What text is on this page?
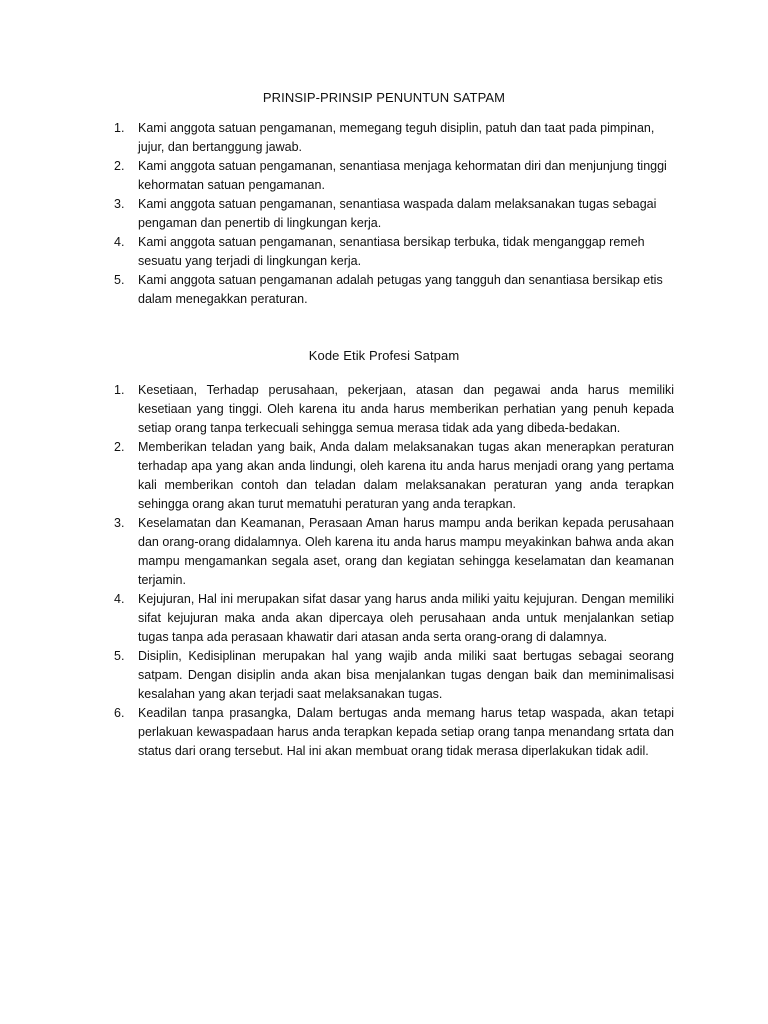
PRINSIP-PRINSIP PENUNTUN SATPAM
1. Kami anggota satuan pengamanan, memegang teguh disiplin, patuh dan taat pada pimpinan, jujur, dan bertanggung jawab.
2. Kami anggota satuan pengamanan, senantiasa menjaga kehormatan diri dan menjunjung tinggi kehormatan satuan pengamanan.
3. Kami anggota satuan pengamanan, senantiasa waspada dalam melaksanakan tugas sebagai pengaman dan penertib di lingkungan kerja.
4. Kami anggota satuan pengamanan, senantiasa bersikap terbuka, tidak menganggap remeh sesuatu yang terjadi di lingkungan kerja.
5. Kami anggota satuan pengamanan adalah petugas yang tangguh dan senantiasa bersikap etis dalam menegakkan peraturan.
Kode Etik Profesi Satpam
1. Kesetiaan, Terhadap perusahaan, pekerjaan, atasan dan pegawai anda harus memiliki kesetiaan yang tinggi. Oleh karena itu anda harus memberikan perhatian yang penuh kepada setiap orang tanpa terkecuali sehingga semua merasa tidak ada yang dibeda-bedakan.
2. Memberikan teladan yang baik, Anda dalam melaksanakan tugas akan menerapkan peraturan terhadap apa yang akan anda lindungi, oleh karena itu anda harus menjadi orang yang pertama kali memberikan contoh dan teladan dalam melaksanakan peraturan yang anda terapkan sehingga orang akan turut mematuhi peraturan yang anda terapkan.
3. Keselamatan dan Keamanan, Perasaan Aman harus mampu anda berikan kepada perusahaan dan orang-orang didalamnya. Oleh karena itu anda harus mampu meyakinkan bahwa anda akan mampu mengamankan segala aset, orang dan kegiatan sehingga keselamatan dan keamanan terjamin.
4. Kejujuran, Hal ini merupakan sifat dasar yang harus anda miliki yaitu kejujuran. Dengan memiliki sifat kejujuran maka anda akan dipercaya oleh perusahaan anda untuk menjalankan setiap tugas tanpa ada perasaan khawatir dari atasan anda serta orang-orang di dalamnya.
5. Disiplin, Kedisiplinan merupakan hal yang wajib anda miliki saat bertugas sebagai seorang satpam. Dengan disiplin anda akan bisa menjalankan tugas dengan baik dan meminimalisasi kesalahan yang akan terjadi saat melaksanakan tugas.
6. Keadilan tanpa prasangka, Dalam bertugas anda memang harus tetap waspada, akan tetapi perlakuan kewaspadaan harus anda terapkan kepada setiap orang tanpa menandang srtata dan status dari orang tersebut. Hal ini akan membuat orang tidak merasa diperlakukan tidak adil.
